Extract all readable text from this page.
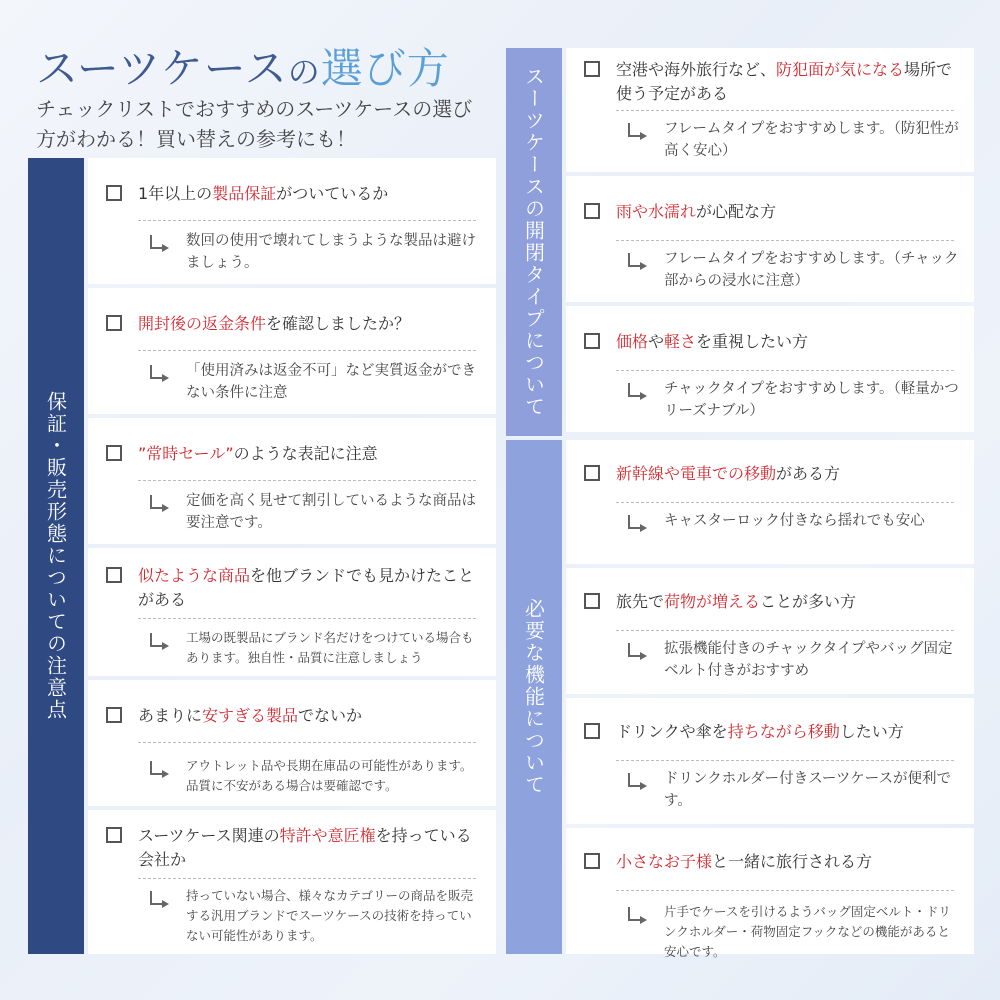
スーツケースの選び方
チェックリストでおすすめのスーツケースの選び方がわかる！買い替えの参考にも！
保証・販売形態についての注意点
スーツケースの開閉タイプについて
必要な機能について
1年以上の製品保証がついているか
数回の使用で壊れてしまうような製品は避けましょう。
開封後の返金条件を確認しましたか？
「使用済みは返金不可」など実質返金ができない条件に注意
”常時セール”のような表記に注意
定価を高く見せて割引しているような商品は要注意です。
似たような商品を他ブランドでも見かけたことがある
工場の既製品にブランド名だけをつけている場合もあります。独自性・品質に注意しましょう
あまりに安すぎる製品でないか
アウトレット品や長期在庫品の可能性があります。品質に不安がある場合は要確認です。
スーツケース関連の特許や意匠権を持っている会社か
持っていない場合、様々なカテゴリーの商品を販売する汎用ブランドでスーツケースの技術を持っていない可能性があります。
空港や海外旅行など、防犯面が気になる場所で使う予定がある
フレームタイプをおすすめします。（防犯性が高く安心）
雨や水濡れが心配な方
フレームタイプをおすすめします。（チャック部からの浸水に注意）
価格や軽さを重視したい方
チャックタイプをおすすめします。（軽量かつリーズナブル）
新幹線や電車での移動がある方
キャスターロック付きなら揺れでも安心
旅先で荷物が増えることが多い方
拡張機能付きのチャックタイプやバッグ固定ベルト付きがおすすめ
ドリンクや傘を持ちながら移動したい方
ドリンクホルダー付きスーツケースが便利です。
小さなお子様と一緒に旅行される方
片手でケースを引けるようバッグ固定ベルト・ドリンクホルダー・荷物固定フックなどの機能があると安心です。
